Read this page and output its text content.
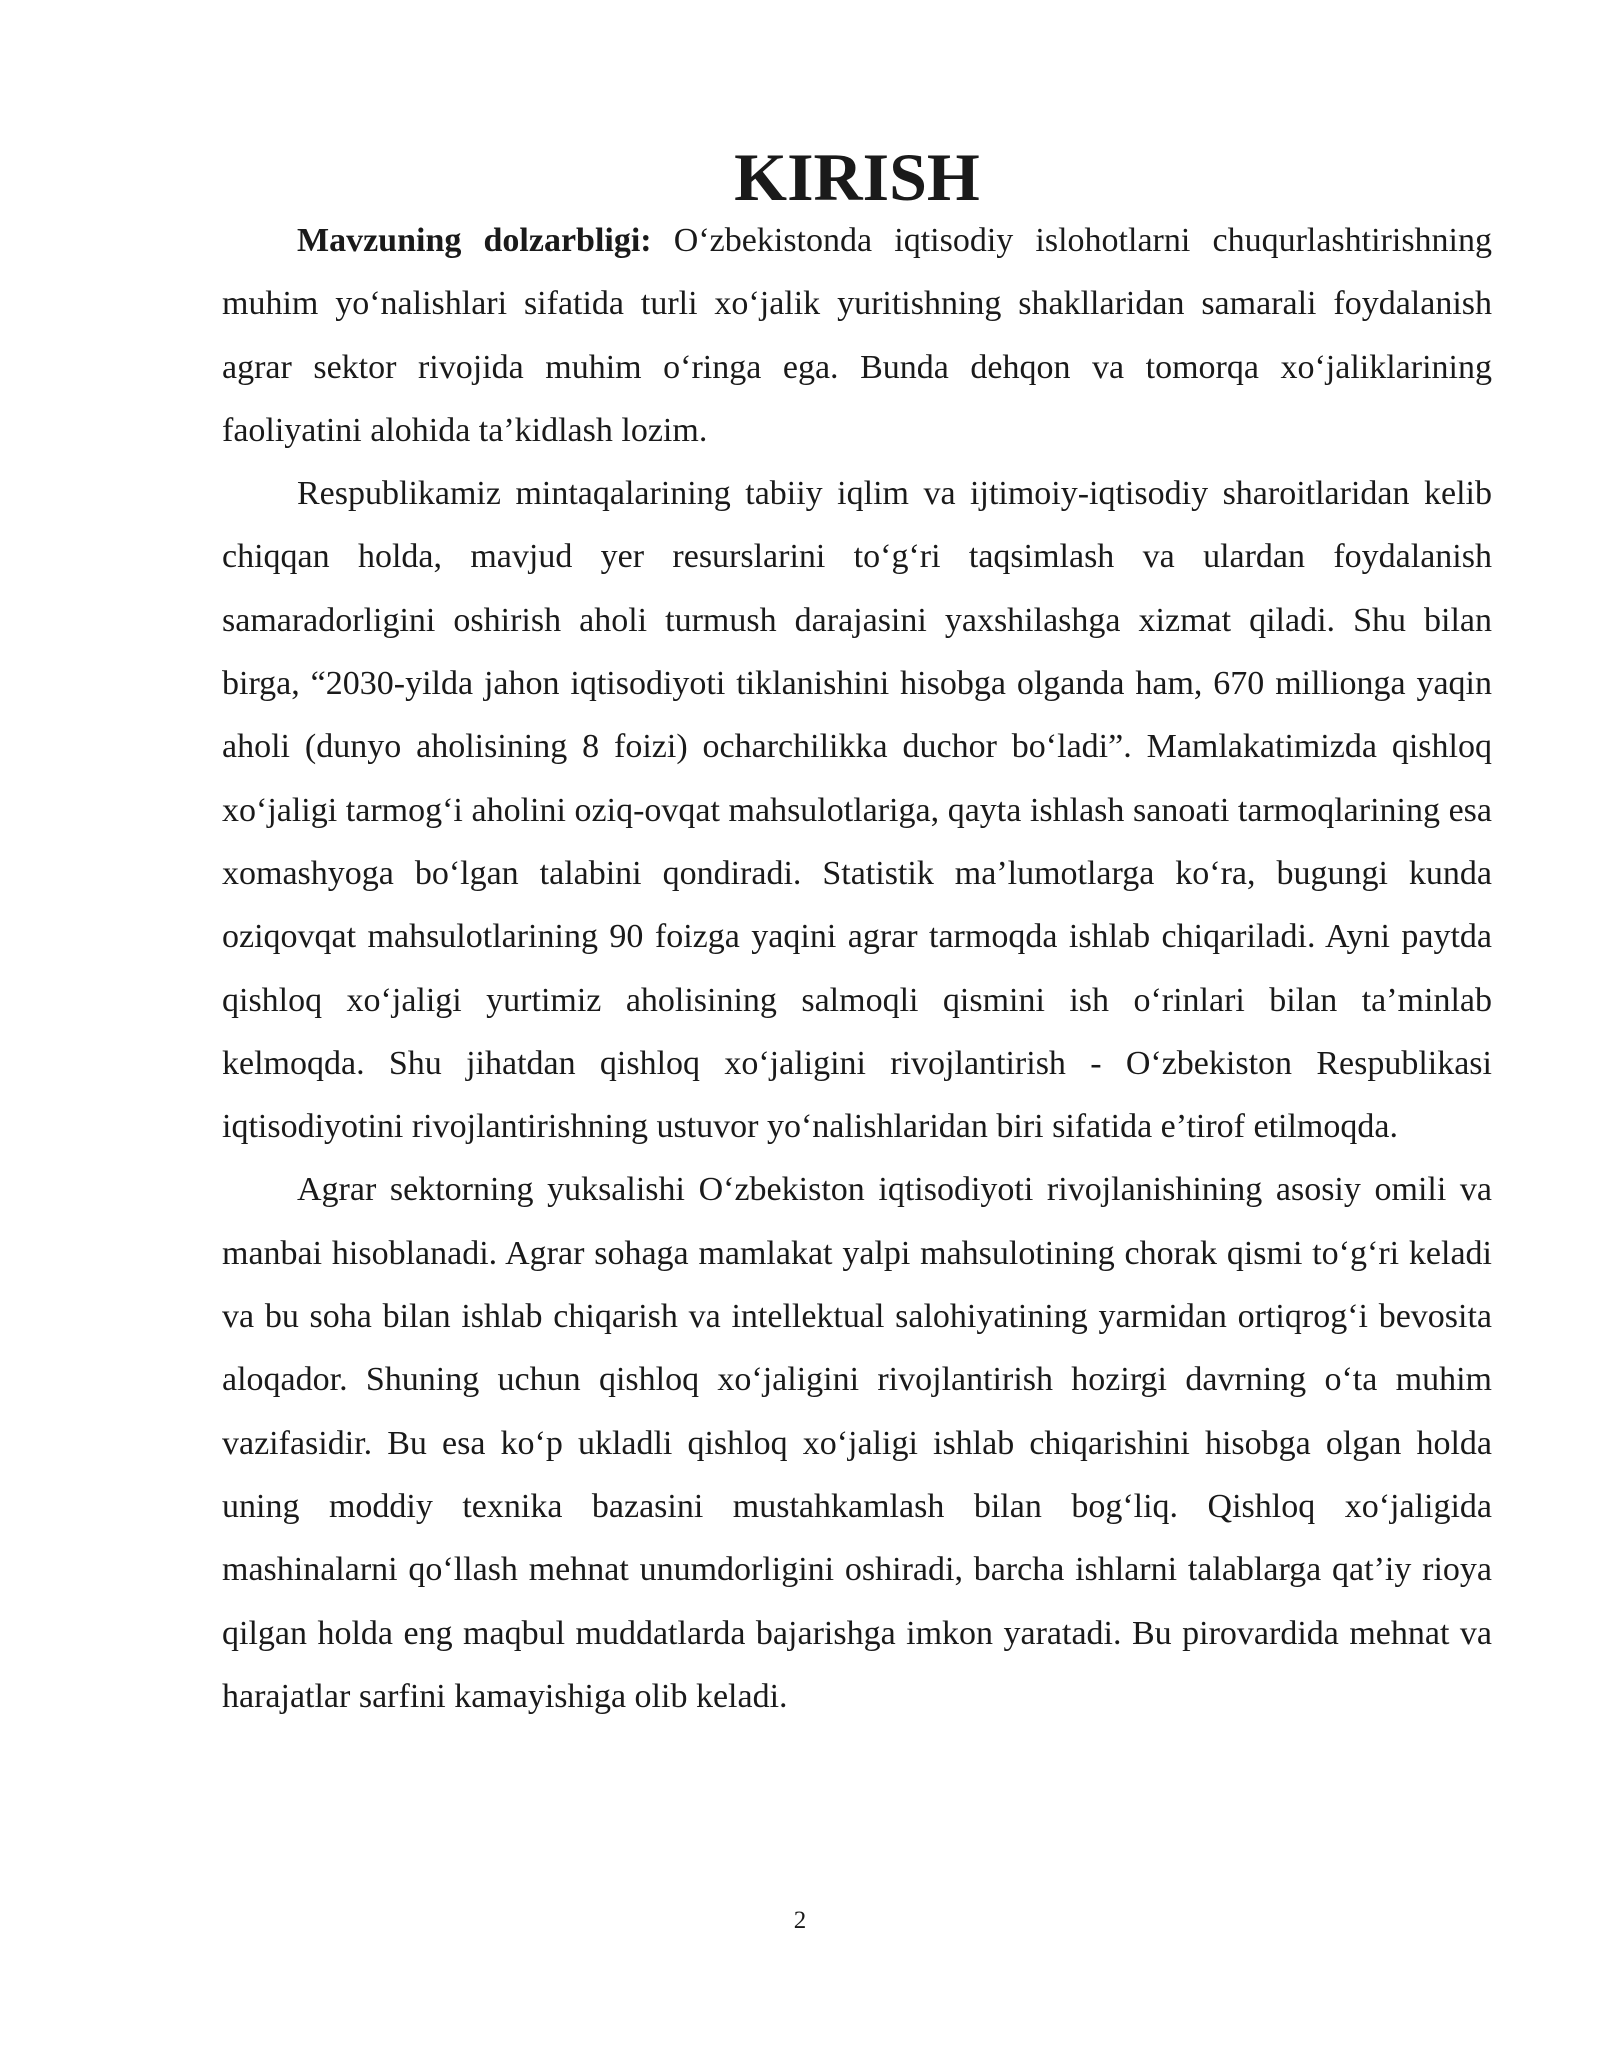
KIRISH

Mavzuning dolzarbligi: O‘zbekistonda iqtisodiy islohotlarni chuqurlashtirishning muhim yo‘nalishlari sifatida turli xo‘jalik yuritishning shakllaridan samarali foydalanish agrar sektor rivojida muhim o‘ringa ega. Bunda dehqon va tomorqa xo‘jaliklarining faoliyatini alohida ta’kidlash lozim.

Respublikamiz mintaqalarining tabiiy iqlim va ijtimoiy-iqtisodiy sharoitlaridan kelib chiqqan holda, mavjud yer resurslarini to‘g‘ri taqsimlash va ulardan foydalanish samaradorligini oshirish aholi turmush darajasini yaxshilashga xizmat qiladi. Shu bilan birga, “2030-yilda jahon iqtisodiyoti tiklanishini hisobga olganda ham, 670 millionga yaqin aholi (dunyo aholisining 8 foizi) ocharchilikka duchor bo‘ladi”. Mamlakatimizda qishloq xo‘jaligi tarmog‘i aholini oziq-ovqat mahsulotlariga, qayta ishlash sanoati tarmoqlarining esa xomashyoga bo‘lgan talabini qondiradi. Statistik ma’lumotlarga ko‘ra, bugungi kunda oziqovqat mahsulotlarining 90 foizga yaqini agrar tarmoqda ishlab chiqariladi. Ayni paytda qishloq xo‘jaligi yurtimiz aholisining salmoqli qismini ish o‘rinlari bilan ta’minlab kelmoqda. Shu jihatdan qishloq xo‘jaligini rivojlantirish - O‘zbekiston Respublikasi iqtisodiyotini rivojlantirishning ustuvor yo‘nalishlaridan biri sifatida e’tirof etilmoqda.

Agrar sektorning yuksalishi O‘zbekiston iqtisodiyoti rivojlanishining asosiy omili va manbai hisoblanadi. Agrar sohaga mamlakat yalpi mahsulotining chorak qismi to‘g‘ri keladi va bu soha bilan ishlab chiqarish va intellektual salohiyatining yarmidan ortiqrog‘i bevosita aloqador. Shuning uchun qishloq xo‘jaligini rivojlantirish hozirgi davrning o‘ta muhim vazifasidir. Bu esa ko‘p ukladli qishloq xo‘jaligi ishlab chiqarishini hisobga olgan holda uning moddiy texnika bazasini mustahkamlash bilan bog‘liq. Qishloq xo‘jaligida mashinalarni qo‘llash mehnat unumdorligini oshiradi, barcha ishlarni talablarga qat’iy rioya qilgan holda eng maqbul muddatlarda bajarishga imkon yaratadi. Bu pirovardida mehnat va harajatlar sarfini kamayishiga olib keladi.

2
